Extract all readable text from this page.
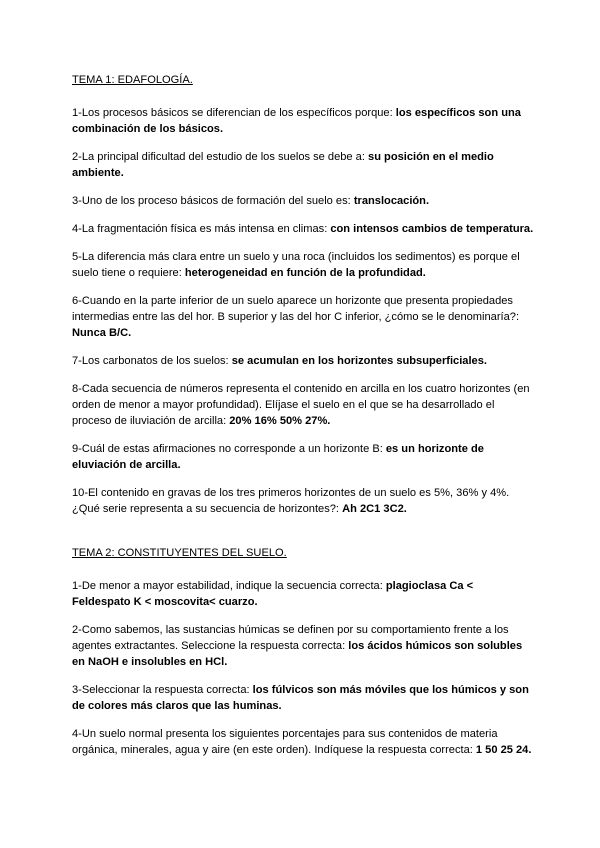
TEMA 1: EDAFOLOGÍA.

1-Los procesos básicos se diferencian de los específicos porque: los específicos son una combinación de los básicos.

2-La principal dificultad del estudio de los suelos se debe a: su posición en el medio ambiente.

3-Uno de los proceso básicos de formación del suelo es: translocación.

4-La fragmentación física es más intensa en climas: con intensos cambios de temperatura.

5-La diferencia más clara entre un suelo y una roca (incluidos los sedimentos) es porque el suelo tiene o requiere: heterogeneidad en función de la profundidad.

6-Cuando en la parte inferior de un suelo aparece un horizonte que presenta propiedades intermedias entre las del hor. B superior y las del hor C inferior, ¿cómo se le denominaría?: Nunca B/C.

7-Los carbonatos de los suelos: se acumulan en los horizontes subsuperficiales.

8-Cada secuencia de números representa el contenido en arcilla en los cuatro horizontes (en orden de menor a mayor profundidad). Elíjase el suelo en el que se ha desarrollado el proceso de iluviación de arcilla: 20% 16% 50% 27%.

9-Cuál de estas afirmaciones no corresponde a un horizonte B: es un horizonte de eluviación de arcilla.

10-El contenido en gravas de los tres primeros horizontes de un suelo es 5%, 36% y 4%. ¿Qué serie representa a su secuencia de horizontes?: Ah 2C1 3C2.

TEMA 2: CONSTITUYENTES DEL SUELO.

1-De menor a mayor estabilidad, indique la secuencia correcta: plagioclasa Ca < Feldespato K < moscovita< cuarzo.

2-Como sabemos, las sustancias húmicas se definen por su comportamiento frente a los agentes extractantes. Seleccione la respuesta correcta: los ácidos húmicos son solubles en NaOH e insolubles en HCl.

3-Seleccionar la respuesta correcta: los fúlvicos son más móviles que los húmicos y son de colores más claros que las huminas.

4-Un suelo normal presenta los siguientes porcentajes para sus contenidos de materia orgánica, minerales, agua y aire (en este orden). Indíquese la respuesta correcta: 1 50 25 24.
